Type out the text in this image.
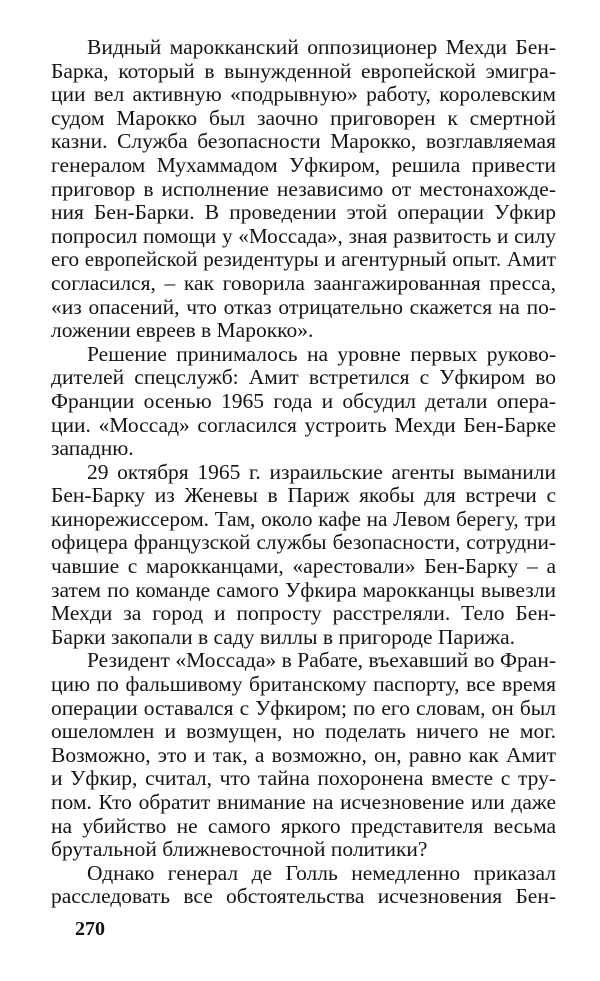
Видный марокканский оппозиционер Мехди Бен-
Барка, который в вынужденной европейской эмигра-
ции вел активную «подрывную» работу, королевским
судом Марокко был заочно приговорен к смертной
казни. Служба безопасности Марокко, возглавляемая
генералом Мухаммадом Уфкиром, решила привести
приговор в исполнение независимо от местонахожде-
ния Бен-Барки. В проведении этой операции Уфкир
попросил помощи у «Моссада», зная развитость и силу
его европейской резидентуры и агентурный опыт. Амит
согласился, – как говорила заангажированная пресса,
«из опасений, что отказ отрицательно скажется на по-
ложении евреев в Марокко».
Решение принималось на уровне первых руково-
дителей спецслужб: Амит встретился с Уфкиром во
Франции осенью 1965 года и обсудил детали опера-
ции. «Моссад» согласился устроить Мехди Бен-Барке
западню.
29 октября 1965 г. израильские агенты выманили
Бен-Барку из Женевы в Париж якобы для встречи с
кинорежиссером. Там, около кафе на Левом берегу, три
офицера французской службы безопасности, сотрудни-
чавшие с марокканцами, «арестовали» Бен-Барку – а
затем по команде самого Уфкира марокканцы вывезли
Мехди за город и попросту расстреляли. Тело Бен-
Барки закопали в саду виллы в пригороде Парижа.
Резидент «Моссада» в Рабате, въехавший во Фран-
цию по фальшивому британскому паспорту, все время
операции оставался с Уфкиром; по его словам, он был
ошеломлен и возмущен, но поделать ничего не мог.
Возможно, это и так, а возможно, он, равно как Амит
и Уфкир, считал, что тайна похоронена вместе с тру-
пом. Кто обратит внимание на исчезновение или даже
на убийство не самого яркого представителя весьма
брутальной ближневосточной политики?
Однако генерал де Голль немедленно приказал
расследовать все обстоятельства исчезновения Бен-
270
